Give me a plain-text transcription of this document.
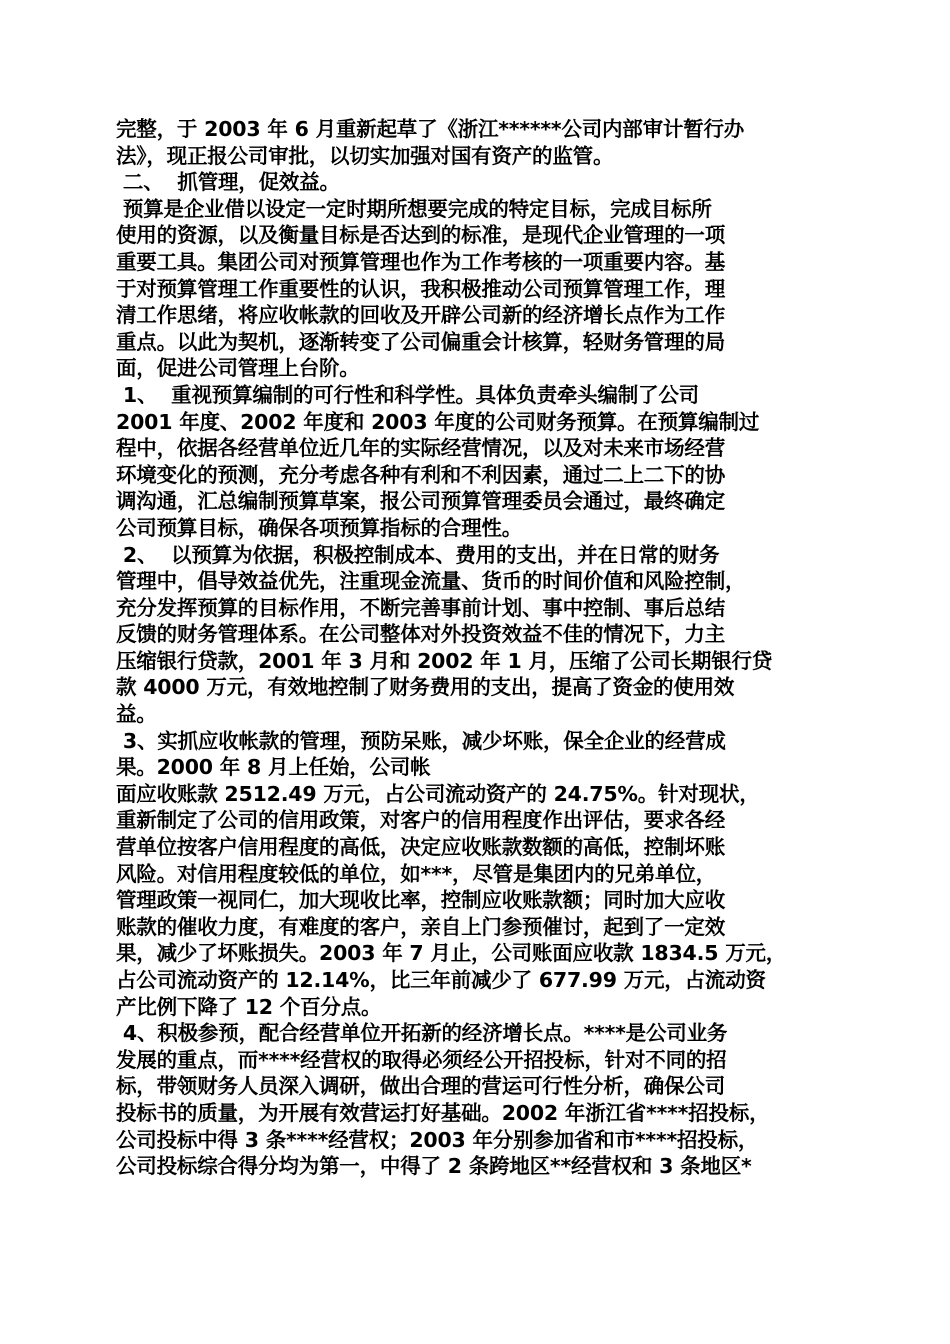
完整，于 2003 年 6 月重新起草了《浙江******公司内部审计暂行办
法》，现正报公司审批，以切实加强对国有资产的监管。
二、  抓管理，促效益。
预算是企业借以设定一定时期所想要完成的特定目标，完成目标所
使用的资源，以及衡量目标是否达到的标准，是现代企业管理的一项
重要工具。集团公司对预算管理也作为工作考核的一项重要内容。基
于对预算管理工作重要性的认识，我积极推动公司预算管理工作，理
清工作思绪，将应收帐款的回收及开辟公司新的经济增长点作为工作
重点。以此为契机，逐渐转变了公司偏重会计核算，轻财务管理的局
面，促进公司管理上台阶。
1、  重视预算编制的可行性和科学性。具体负责牵头编制了公司
2001 年度、2002 年度和 2003 年度的公司财务预算。在预算编制过
程中，依据各经营单位近几年的实际经营情况，以及对未来市场经营
环境变化的预测，充分考虑各种有利和不利因素，通过二上二下的协
调沟通，汇总编制预算草案，报公司预算管理委员会通过，最终确定
公司预算目标，确保各项预算指标的合理性。
2、  以预算为依据，积极控制成本、费用的支出，并在日常的财务
管理中，倡导效益优先，注重现金流量、货币的时间价值和风险控制，
充分发挥预算的目标作用，不断完善事前计划、事中控制、事后总结
反馈的财务管理体系。在公司整体对外投资效益不佳的情况下，力主
压缩银行贷款，2001 年 3 月和 2002 年 1 月，压缩了公司长期银行贷
款 4000 万元，有效地控制了财务费用的支出，提高了资金的使用效
益。
3、实抓应收帐款的管理，预防呆账，减少坏账，保全企业的经营成
果。2000 年 8 月上任始，公司帐
面应收账款 2512.49 万元，占公司流动资产的 24.75%。针对现状，
重新制定了公司的信用政策，对客户的信用程度作出评估，要求各经
营单位按客户信用程度的高低，决定应收账款数额的高低，控制坏账
风险。对信用程度较低的单位，如***，尽管是集团内的兄弟单位，
管理政策一视同仁，加大现收比率，控制应收账款额；同时加大应收
账款的催收力度，有难度的客户，亲自上门参预催讨，起到了一定效
果，减少了坏账损失。2003 年 7 月止，公司账面应收款 1834.5 万元，
占公司流动资产的 12.14%，比三年前减少了 677.99 万元，占流动资
产比例下降了 12 个百分点。
4、积极参预，配合经营单位开拓新的经济增长点。****是公司业务
发展的重点，而****经营权的取得必须经公开招投标，针对不同的招
标，带领财务人员深入调研，做出合理的营运可行性分析，确保公司
投标书的质量，为开展有效营运打好基础。2002 年浙江省****招投标，
公司投标中得 3 条****经营权；2003 年分别参加省和市****招投标，
公司投标综合得分均为第一，中得了 2 条跨地区**经营权和 3 条地区*
